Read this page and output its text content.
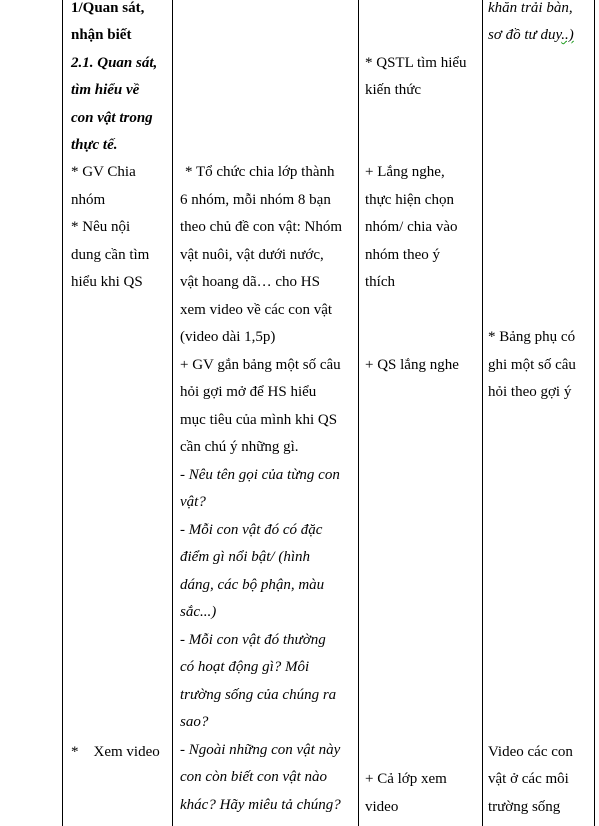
1/Quan sát,
nhận biết
2.1. Quan sát,
tìm hiểu về
con vật trong
thực tế.
* GV Chia
nhóm
* Nêu nội
dung cần tìm
hiểu khi QS
*    Xem video
* Tổ chức chia lớp thành
6 nhóm, mỗi nhóm 8 bạn
theo chủ đề con vật: Nhóm
vật nuôi, vật dưới nước,
vật hoang dã… cho HS
xem video về các con vật
(video dài 1,5p)
+ GV gắn bảng một số câu
hỏi gợi mở để HS hiểu
mục tiêu của mình khi QS
cần chú ý những gì.
- Nêu tên gọi của từng con
vật?
- Mỗi con vật đó có đặc
điểm gì nổi bật/ (hình
dáng, các bộ phận, màu
sắc...)
- Mỗi con vật đó thường
có hoạt động gì? Môi
trường sống của chúng ra
sao?
- Ngoài những con vật này
con còn biết con vật nào
khác? Hãy miêu tả chúng?
* QSTL tìm hiểu
kiến thức
+ Lắng nghe,
thực hiện chọn
nhóm/ chia vào
nhóm theo ý
thích
+ QS lắng nghe
+ Cả lớp xem
video
khăn trải bàn,
sơ đồ tư duy..)
* Bảng phụ có
ghi một số câu
hỏi theo gợi ý
Video các con
vật ở các môi
trường sống
